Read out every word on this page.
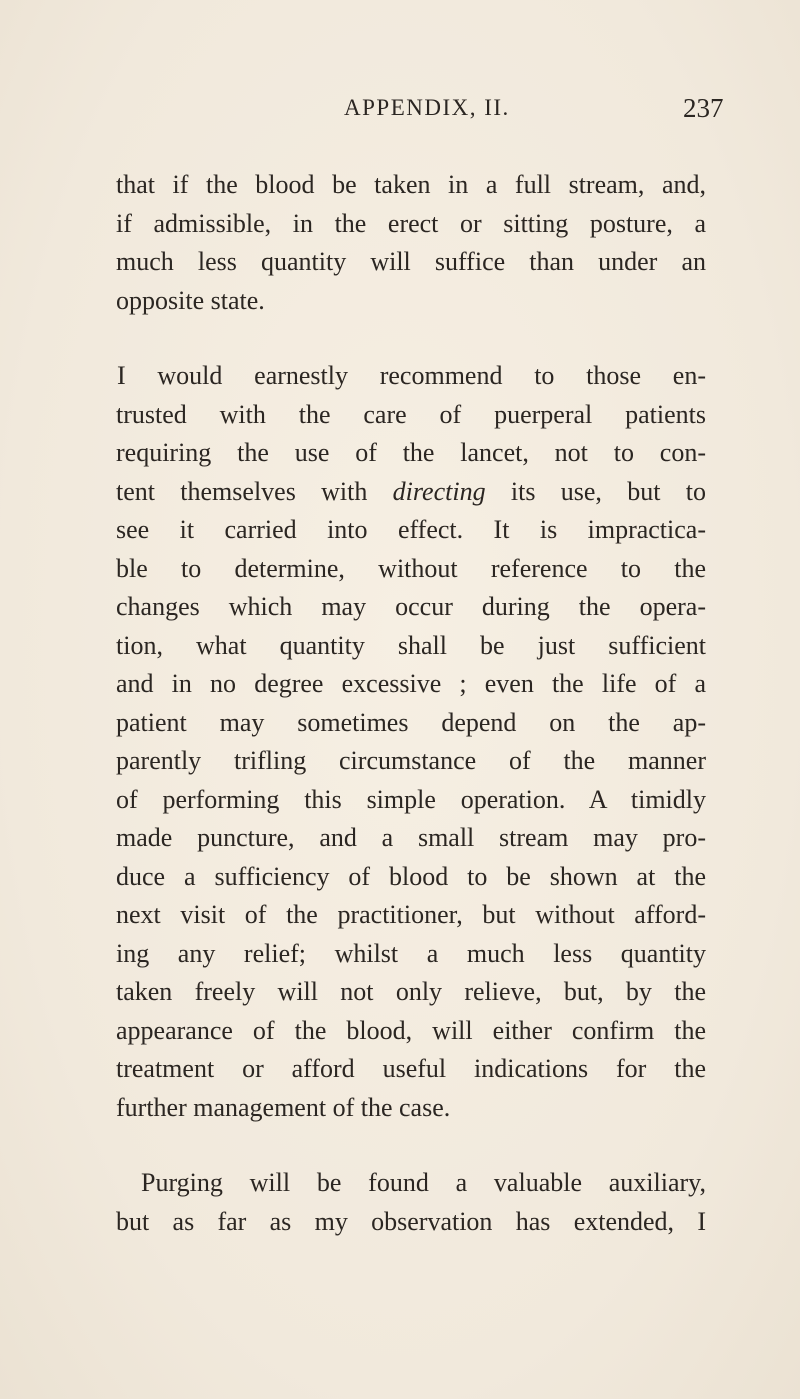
APPENDIX, II.	237
that if the blood be taken in a full stream, and,
if admissible, in the erect or sitting posture, a
much less quantity will suffice than under an
opposite state.
I would earnestly recommend to those en-
trusted with the care of puerperal patients
requiring the use of the lancet, not to con-
tent themselves with directing its use, but to
see it carried into effect. It is impractica-
ble to determine, without reference to the
changes which may occur during the opera-
tion, what quantity shall be just sufficient
and in no degree excessive ; even the life of a
patient may sometimes depend on the ap-
parently trifling circumstance of the manner
of performing this simple operation. A timidly
made puncture, and a small stream may pro-
duce a sufficiency of blood to be shown at the
next visit of the practitioner, but without afford-
ing any relief; whilst a much less quantity
taken freely will not only relieve, but, by the
appearance of the blood, will either confirm the
treatment or afford useful indications for the
further management of the case.
Purging will be found a valuable auxiliary,
but as far as my observation has extended, I
